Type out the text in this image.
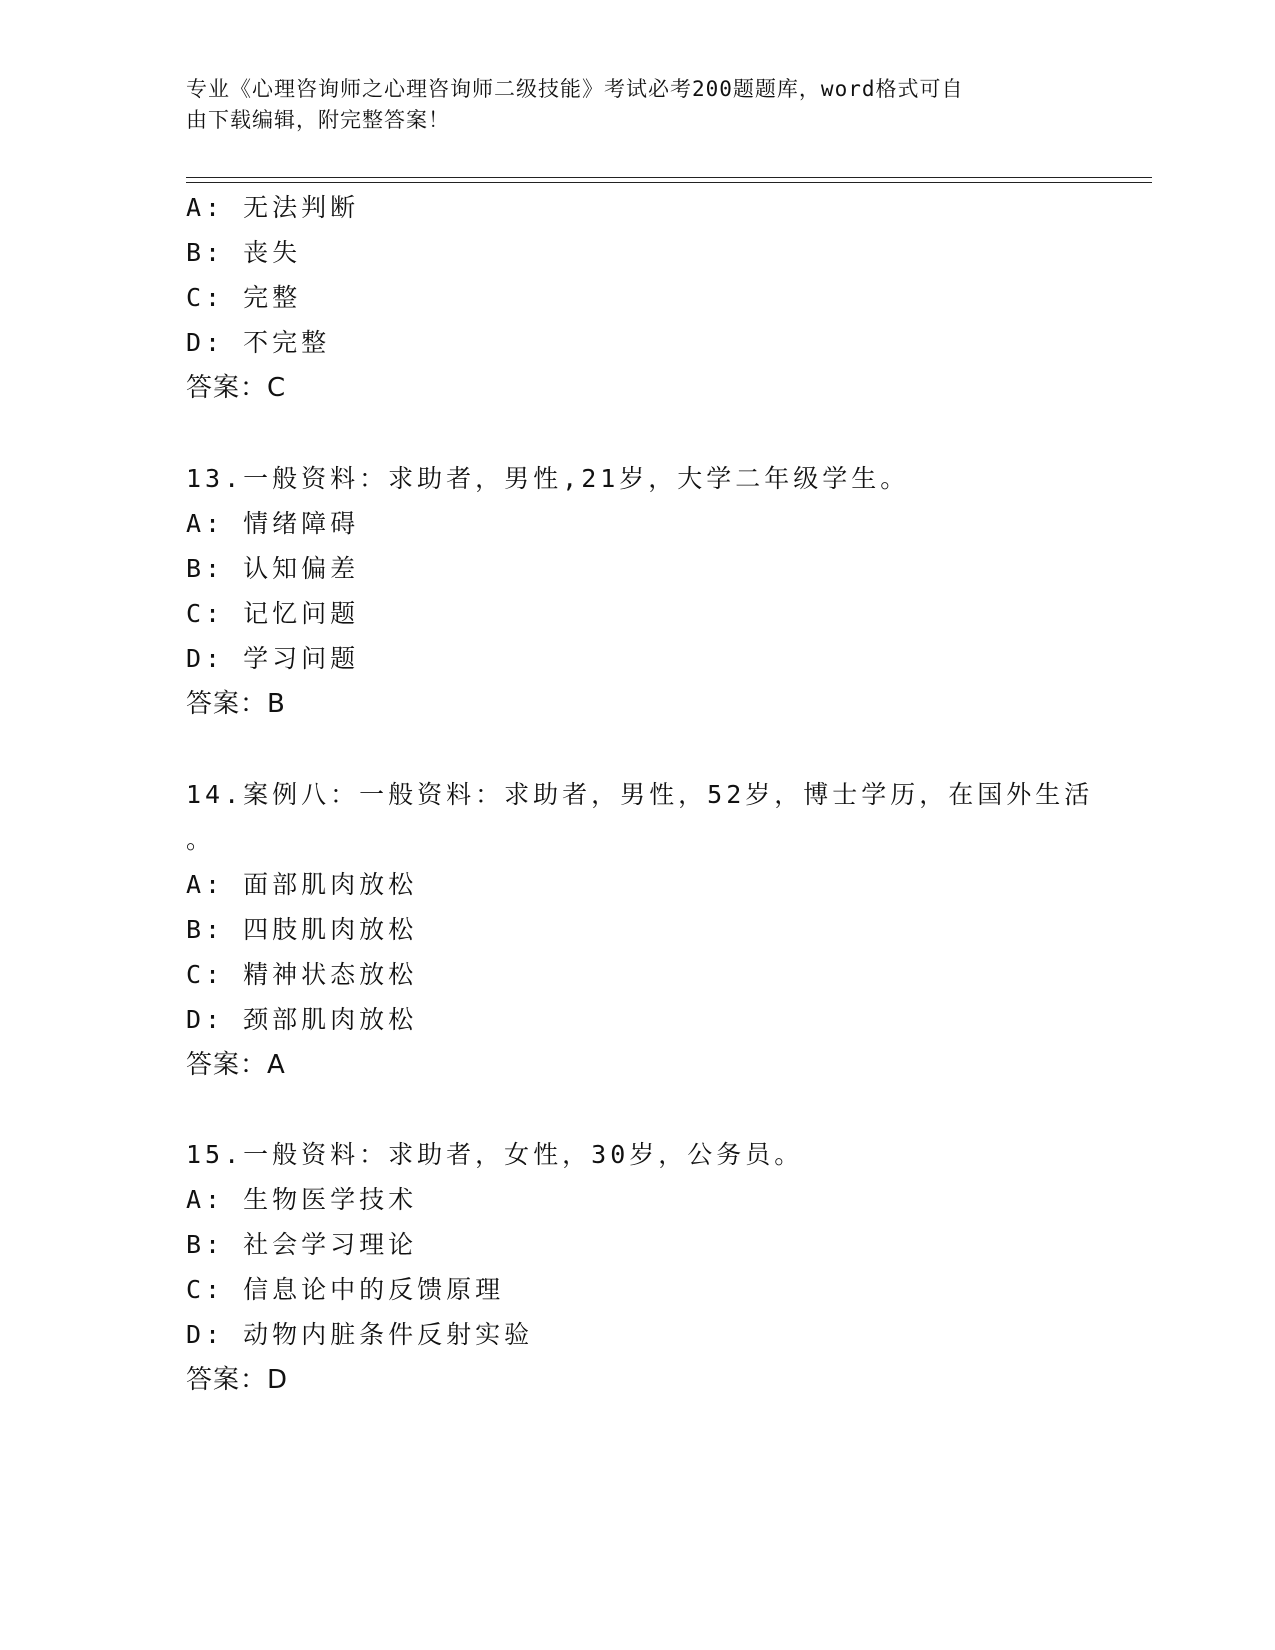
专业《心理咨询师之心理咨询师二级技能》考试必考200题题库，word格式可自
由下载编辑，附完整答案！
A: 无法判断
B: 丧失
C: 完整
D: 不完整
答案：C
13.一般资料：求助者，男性,21岁，大学二年级学生。
A: 情绪障碍
B: 认知偏差
C: 记忆问题
D: 学习问题
答案：B
14.案例八：一般资料：求助者，男性，52岁，博士学历，在国外生活
。
A: 面部肌肉放松
B: 四肢肌肉放松
C: 精神状态放松
D: 颈部肌肉放松
答案：A
15.一般资料：求助者，女性，30岁，公务员。
A: 生物医学技术
B: 社会学习理论
C: 信息论中的反馈原理
D: 动物内脏条件反射实验
答案：D
